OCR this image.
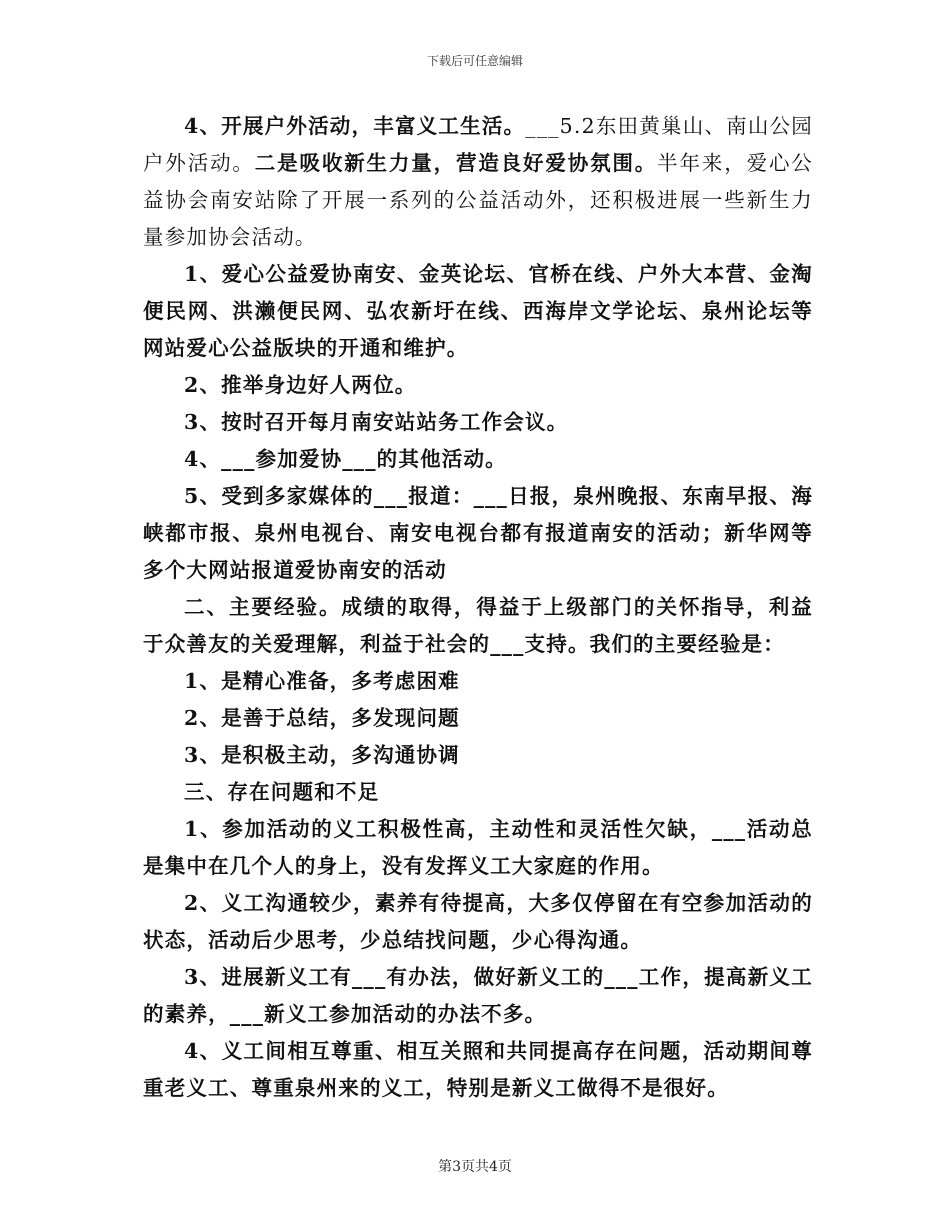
下载后可任意编辑

4、开展户外活动，丰富义工生活。___5.2东田黄巢山、南山公园户外活动。二是吸收新生力量，营造良好爱协氛围。半年来，爱心公益协会南安站除了开展一系列的公益活动外，还积极进展一些新生力量参加协会活动。

1、爱心公益爱协南安、金英论坛、官桥在线、户外大本营、金淘便民网、洪濑便民网、弘农新圩在线、西海岸文学论坛、泉州论坛等网站爱心公益版块的开通和维护。

2、推举身边好人两位。

3、按时召开每月南安站站务工作会议。

4、___参加爱协___的其他活动。

5、受到多家媒体的___报道：___日报，泉州晚报、东南早报、海峡都市报、泉州电视台、南安电视台都有报道南安的活动；新华网等多个大网站报道爱协南安的活动

二、主要经验。成绩的取得，得益于上级部门的关怀指导，利益于众善友的关爱理解，利益于社会的___支持。我们的主要经验是：

1、是精心准备，多考虑困难

2、是善于总结，多发现问题

3、是积极主动，多沟通协调

三、存在问题和不足

1、参加活动的义工积极性高，主动性和灵活性欠缺，___活动总是集中在几个人的身上，没有发挥义工大家庭的作用。

2、义工沟通较少，素养有待提高，大多仅停留在有空参加活动的状态，活动后少思考，少总结找问题，少心得沟通。

3、进展新义工有___有办法，做好新义工的___工作，提高新义工的素养，___新义工参加活动的办法不多。

4、义工间相互尊重、相互关照和共同提高存在问题，活动期间尊重老义工、尊重泉州来的义工，特别是新义工做得不是很好。

第3页共4页
